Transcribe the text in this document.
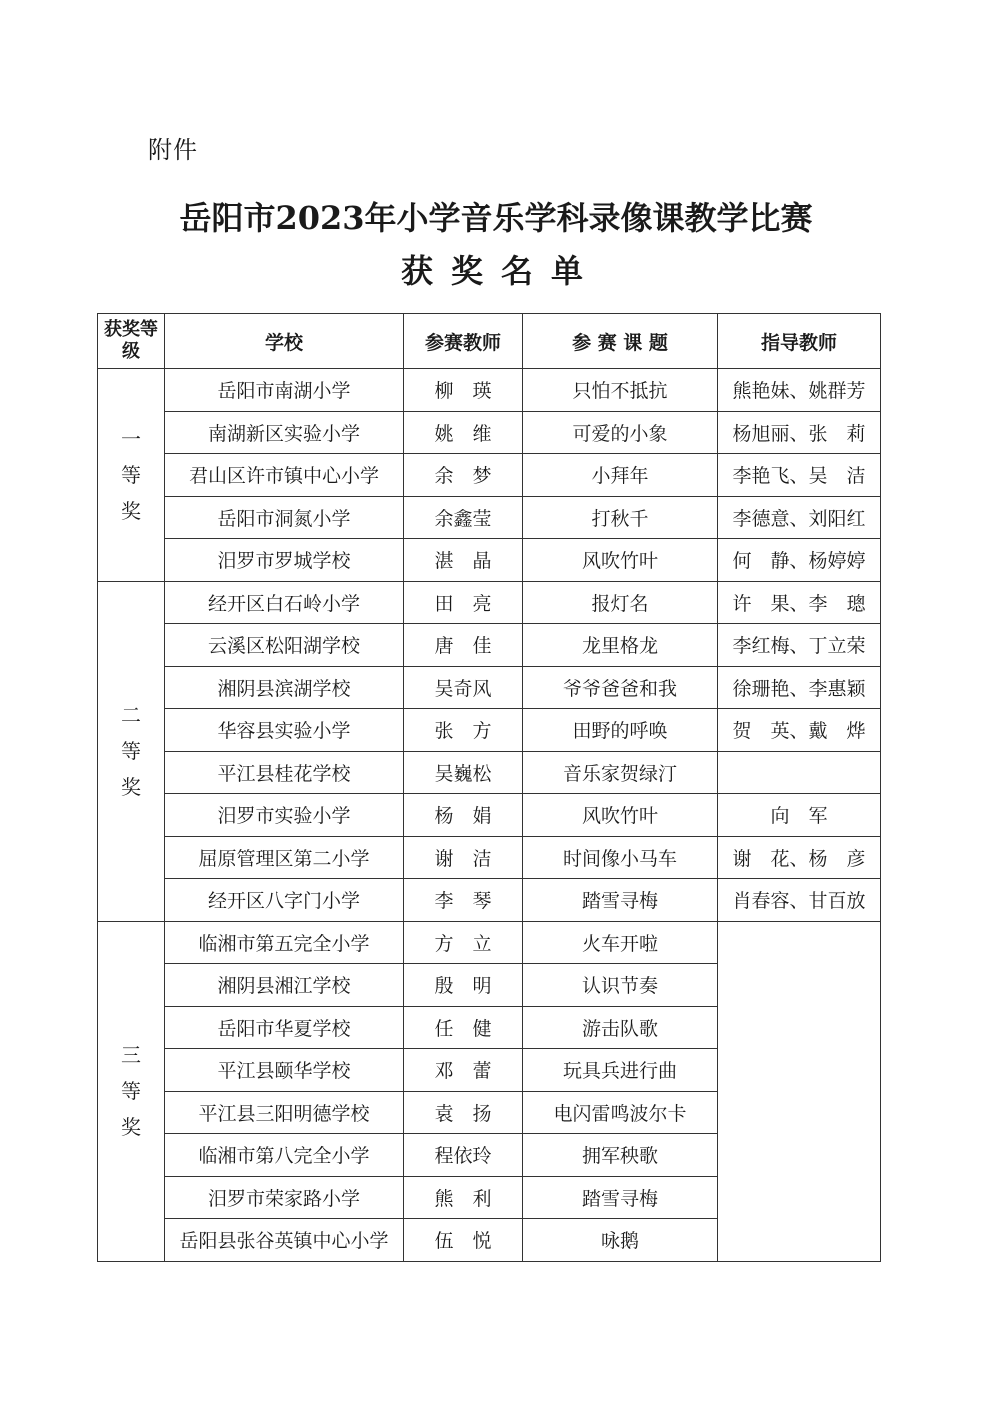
附件
岳阳市2023年小学音乐学科录像课教学比赛
获奖名单
获奖等级	学校	参赛教师	参 赛 课 题	指导教师
一等奖	岳阳市南湖小学	柳　瑛	只怕不抵抗	熊艳妹、姚群芳
	南湖新区实验小学	姚　维	可爱的小象	杨旭丽、张　莉
	君山区许市镇中心小学	余　梦	小拜年	李艳飞、吴　洁
	岳阳市洞氮小学	余鑫莹	打秋千	李德意、刘阳红
	汨罗市罗城学校	湛　晶	风吹竹叶	何　静、杨婷婷
二等奖	经开区白石岭小学	田　亮	报灯名	许　果、李　璁
	云溪区松阳湖学校	唐　佳	龙里格龙	李红梅、丁立荣
	湘阴县滨湖学校	吴奇风	爷爷爸爸和我	徐珊艳、李惠颖
	华容县实验小学	张　方	田野的呼唤	贺　英、戴　烨
	平江县桂花学校	吴巍松	音乐家贺绿汀	
	汨罗市实验小学	杨　娟	风吹竹叶	向　军
	屈原管理区第二小学	谢　洁	时间像小马车	谢　花、杨　彦
	经开区八字门小学	李　琴	踏雪寻梅	肖春容、甘百放
三等奖	临湘市第五完全小学	方　立	火车开啦	
	湘阴县湘江学校	殷　明	认识节奏	
	岳阳市华夏学校	任　健	游击队歌	
	平江县颐华学校	邓　蕾	玩具兵进行曲	
	平江县三阳明德学校	袁　扬	电闪雷鸣波尔卡	
	临湘市第八完全小学	程依玲	拥军秧歌	
	汨罗市荣家路小学	熊　利	踏雪寻梅	
	岳阳县张谷英镇中心小学	伍　悦	咏鹅	
